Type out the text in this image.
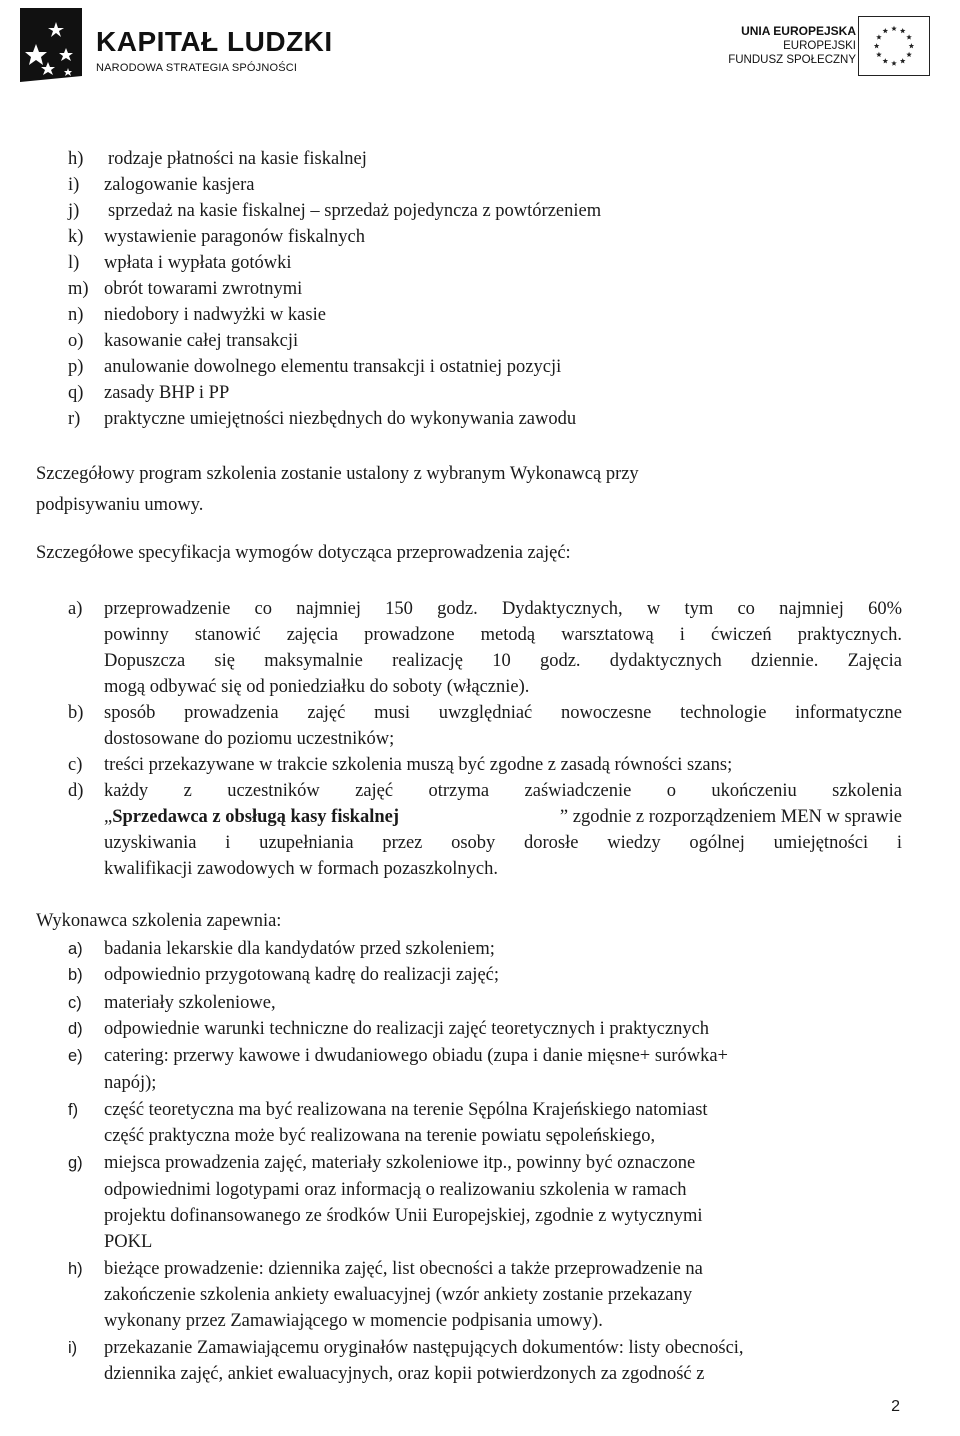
KAPITAŁ LUDZKI
NARODOWA STRATEGIA SPÓJNOŚCI
UNIA EUROPEJSKA
EUROPEJSKI
FUNDUSZ SPOŁECZNY
h) rodzaje płatności na kasie fiskalnej
i) zalogowanie kasjera
j) sprzedaż na kasie fiskalnej – sprzedaż pojedyncza z powtórzeniem
k) wystawienie paragonów fiskalnych
l) wpłata i wypłata gotówki
m) obrót towarami zwrotnymi
n) niedobory i nadwyżki w kasie
o) kasowanie całej transakcji
p) anulowanie dowolnego elementu transakcji i ostatniej pozycji
q) zasady BHP i PP
r) praktyczne umiejętności niezbędnych do wykonywania zawodu
Szczegółowy program szkolenia zostanie ustalony z wybranym Wykonawcą przy
podpisywaniu umowy.
Szczegółowe specyfikacja wymogów dotycząca przeprowadzenia zajęć:
a) przeprowadzenie co najmniej 150 godz. Dydaktycznych, w tym co najmniej 60%
powinny stanowić zajęcia prowadzone metodą warsztatową i ćwiczeń praktycznych.
Dopuszcza się maksymalnie realizację 10 godz. dydaktycznych dziennie. Zajęcia
mogą odbywać się od poniedziałku do soboty (włącznie).
b) sposób prowadzenia zajęć musi uwzględniać nowoczesne technologie informatyczne
dostosowane do poziomu uczestników;
c) treści przekazywane w trakcie szkolenia muszą być zgodne z zasadą równości szans;
d) każdy z uczestników zajęć otrzyma zaświadczenie o ukończeniu szkolenia
„Sprzedawca z obsługą kasy fiskalnej	” zgodnie z rozporządzeniem MEN w sprawie
uzyskiwania i uzupełniania przez osoby dorosłe wiedzy ogólnej umiejętności i
kwalifikacji zawodowych w formach pozaszkolnych.
Wykonawca szkolenia zapewnia:
a) badania lekarskie dla kandydatów przed szkoleniem;
b) odpowiednio przygotowaną kadrę do realizacji zajęć;
c) materiały szkoleniowe,
d) odpowiednie warunki techniczne do realizacji zajęć teoretycznych i praktycznych
e) catering: przerwy kawowe i dwudaniowego obiadu (zupa i danie mięsne+ surówka+
napój);
f) część teoretyczna ma być realizowana na terenie Sępólna Krajeńskiego natomiast
część praktyczna może być realizowana na terenie powiatu sępoleńskiego,
g) miejsca prowadzenia zajęć, materiały szkoleniowe itp., powinny być oznaczone
odpowiednimi logotypami oraz informacją o realizowaniu szkolenia w ramach
projektu dofinansowanego ze środków Unii Europejskiej, zgodnie z wytycznymi
POKL
h) bieżące prowadzenie: dziennika zajęć, list obecności a także przeprowadzenie na
zakończenie szkolenia ankiety ewaluacyjnej (wzór ankiety zostanie przekazany
wykonany przez Zamawiającego w momencie podpisania umowy).
i) przekazanie Zamawiającemu oryginałów następujących dokumentów: listy obecności,
dziennika zajęć, ankiet ewaluacyjnych, oraz kopii potwierdzonych za zgodność z
2
